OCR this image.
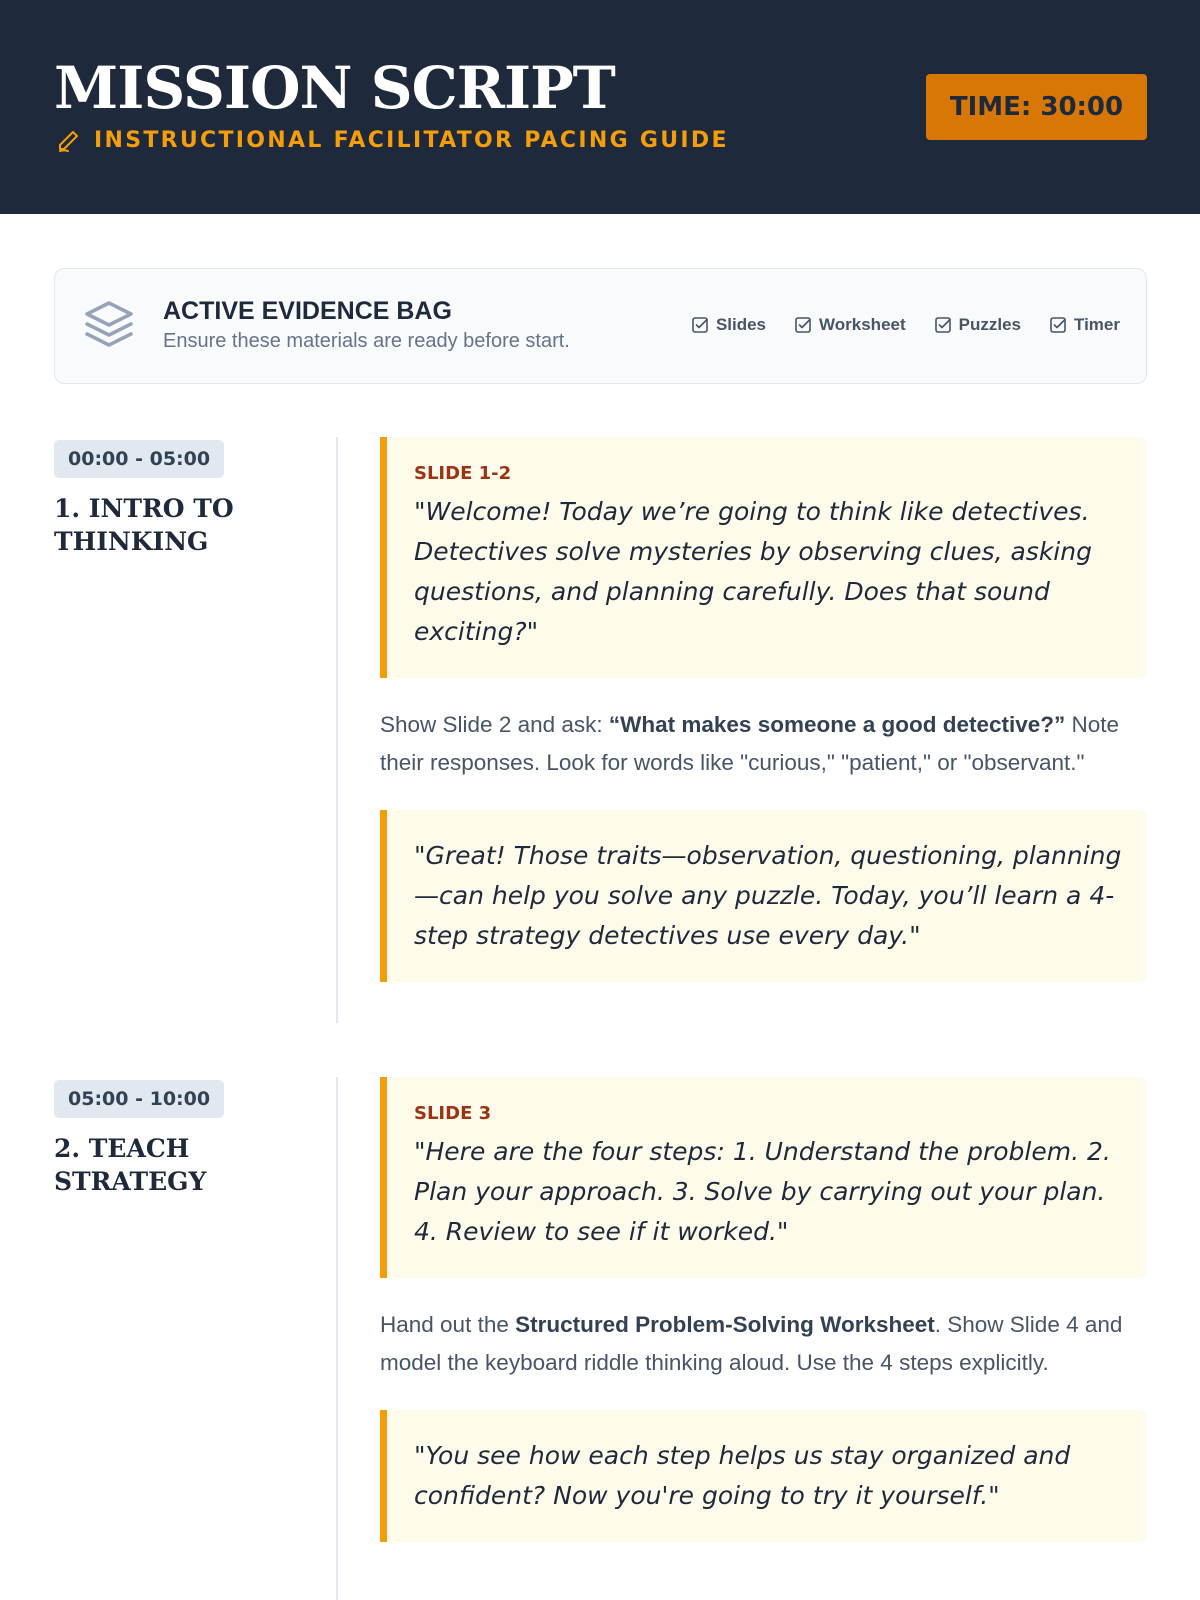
MISSION SCRIPT
INSTRUCTIONAL FACILITATOR PACING GUIDE
TIME: 30:00
ACTIVE EVIDENCE BAG
Ensure these materials are ready before start.
Slides	Worksheet	Puzzles	Timer
00:00 - 05:00
1. INTRO TO THINKING
SLIDE 1-2
"Welcome! Today we’re going to think like detectives. Detectives solve mysteries by observing clues, asking questions, and planning carefully. Does that sound exciting?"
Show Slide 2 and ask: “What makes someone a good detective?” Note their responses. Look for words like "curious," "patient," or "observant."
"Great! Those traits—observation, questioning, planning—can help you solve any puzzle. Today, you’ll learn a 4-step strategy detectives use every day."
05:00 - 10:00
2. TEACH STRATEGY
SLIDE 3
"Here are the four steps: 1. Understand the problem. 2. Plan your approach. 3. Solve by carrying out your plan. 4. Review to see if it worked."
Hand out the Structured Problem-Solving Worksheet. Show Slide 4 and model the keyboard riddle thinking aloud. Use the 4 steps explicitly.
"You see how each step helps us stay organized and confident? Now you're going to try it yourself."
